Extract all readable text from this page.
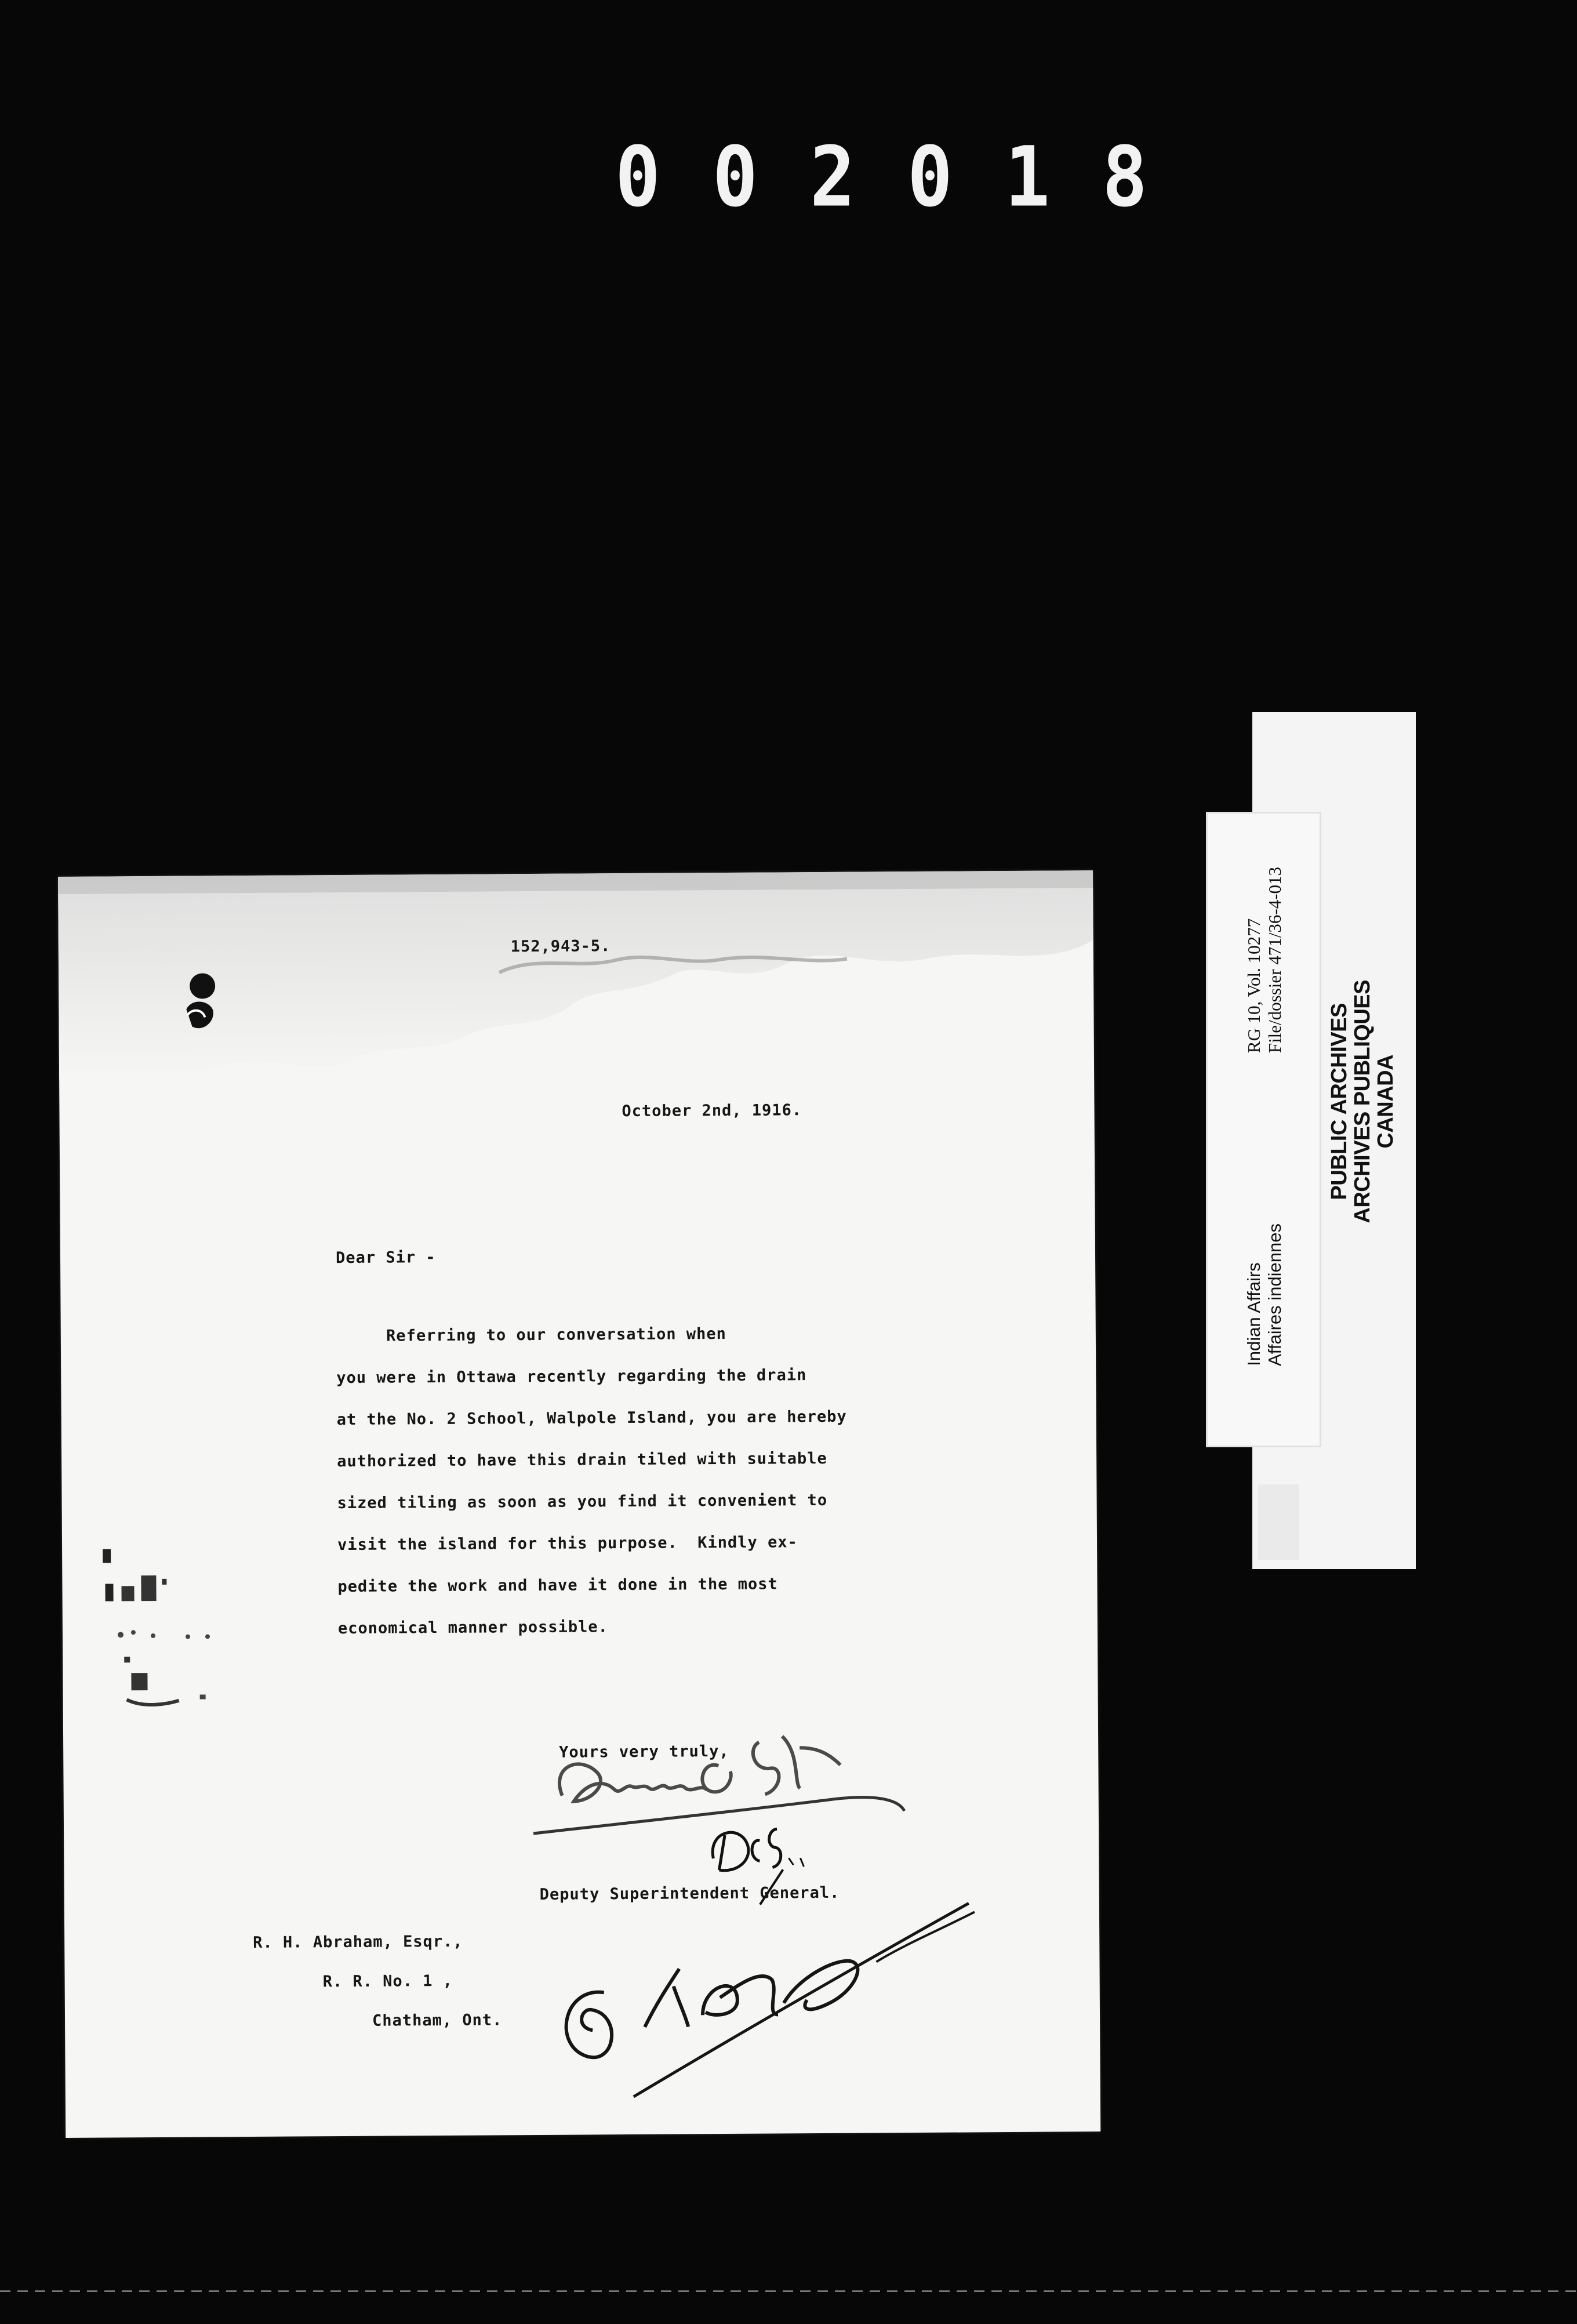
0 0 2 0 1 8
152,943-5.
October 2nd, 1916.
Dear Sir -
Referring to our conversation when
you were in Ottawa recently regarding the drain
at the No. 2 School, Walpole Island, you are hereby
authorized to have this drain tiled with suitable
sized tiling as soon as you find it convenient to
visit the island for this purpose.  Kindly ex-
pedite the work and have it done in the most
economical manner possible.
Yours very truly,
Deputy Superintendent General.
R. H. Abraham, Esqr.,
R. R. No. 1 ,
Chatham, Ont.
Indian Affairs Affaires indiennes
RG 10, Vol. 10277 File/dossier 471/36-4-013
PUBLIC ARCHIVES
ARCHIVES PUBLIQUES
CANADA
